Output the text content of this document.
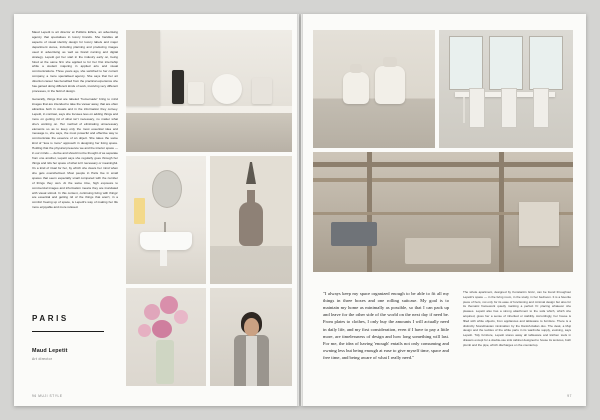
Maud Lepetit is art director at Publicis Ethics, an advertising agency that specialises in luxury brands. She handles all aspects of visual identity design for luxury labels and major department stores, including planning and producing images used in advertising as well as brand naming and digital strategy. Lepetit got her start in the industry early on, being hired at the same firm she applied to for her first internship while a student majoring in applied arts and visual communications. Three years ago, she switched to her current company, a more specialised agency. She says that her art direction career has benefited from the practical experience she has gained doing different kinds of work, involving very different processes, in the field of design.

Generally, things that are labeled "homemade" bring to mind images that are intended to take the viewer away, that are often attractive both in visuals and in the information they convey. Lepetit, in contrast, says she focuses less on adding things and more on getting rid of what isn't necessary, no matter what she's working on. Her method of eliminating unnecessary elements so as to keep only the most essential idea and message is, she says, the most powerful and effective way to communicate the essence of an object. She takes the same kind of "less is more" approach in designing her living space. Holding that the physical presence we and the interior space — in our minds — derive and should not be thought of as separate from one another, Lepetit says she regularly goes through her things and rids her space of what isn't necessary or meaningful. It's a kind of ritual for her, by which she clears her mind when she gets overwhelmed. Most people in Paris live in small spaces that seem especially small compared with the number of things they own. At the same time, high exposure to commercial images and information means they are inundated with visual stimuli. In this context, continuing living with things' are essential and getting rid of the things that aren't, in a comfort freeing up of space, is Lepetit's way of making her life more enjoyable and more relaxed.

PARIS
Maud Lepetit
Art director
96 MUJI STYLE

"I always keep my space organized enough to be able to fit all my things in three boxes and one rolling suitcase. My goal is to maintain my home as minimally as possible, so that I can pack up and leave for the other side of the world on the next day if need be. From plates to clothes, I only buy the amounts I will actually need in daily life, and my first consideration, even if I have to pay a little more, are timelessness of design and how long something will last. For me, the idea of having 'enough' entails not only consuming and owning less but being enough at ease to give myself time, space and free time, and being aware of what I really need."

The whole apartment, designed by Konstantin Grcic, can be found throughout Lepetit's space — in the living room, in the study, in her bedroom. It is a favorite piece of hers, not only for its ease of functioning and minimal design but also for its thematic framework quietly marking a perfect fit: placing whatever she pleases. Lepetit also has a strong attachment to the sofa which, which she acquired, gives her a sense of inherited or stability. Accordingly, her house is filled with white objects, from appliances and tableware to furniture. There is a distinctly Scandinavian minimalism by the Danish-Italian duo. The desk, a Muji design and the textiles of the white parts in its wardrobe supply, evolving, says Lepetit. Tidy furniture, Lepetit stores away all tableware and kitchen tools in drawers except for a double-use sink cabinet designed to house its textures, both plumb and the pipe, which discharges on the countertop.

97
